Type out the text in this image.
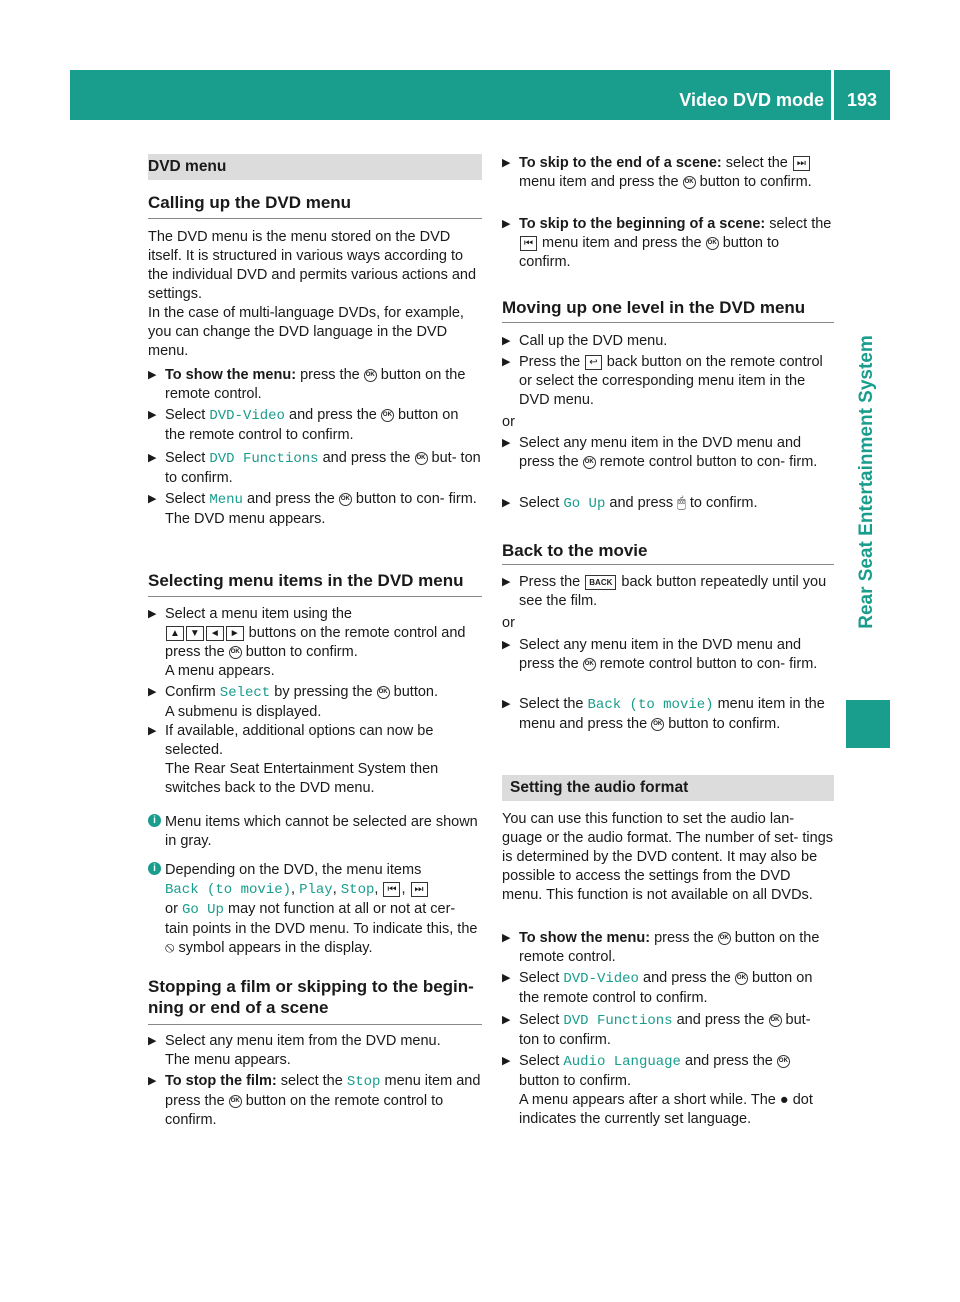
Video DVD mode	193
Rear Seat Entertainment System
DVD menu
Calling up the DVD menu
The DVD menu is the menu stored on the DVD itself. It is structured in various ways according to the individual DVD and permits various actions and settings.
In the case of multi-language DVDs, for example, you can change the DVD language in the DVD menu.
▶ To show the menu: press the OK button on the remote control.
▶ Select DVD-Video and press the OK button on the remote control to confirm.
▶ Select DVD Functions and press the OK but- ton to confirm.
▶ Select Menu and press the OK button to con- firm.
The DVD menu appears.
Selecting menu items in the DVD menu
▶ Select a menu item using the
▲ ▼ ◄ ► buttons on the remote control and press the OK button to confirm.
A menu appears.
▶ Confirm Select by pressing the OK button.
A submenu is displayed.
▶ If available, additional options can now be selected.
The Rear Seat Entertainment System then switches back to the DVD menu.
i Menu items which cannot be selected are shown in gray.
i Depending on the DVD, the menu items
Back (to movie), Play, Stop, ⏮ , ⏭
or Go Up may not function at all or not at cer- tain points in the DVD menu. To indicate this, the ⦸ symbol appears in the display.
Stopping a film or skipping to the begin- ning or end of a scene
▶ Select any menu item from the DVD menu.
The menu appears.
▶ To stop the film: select the Stop menu item and press the OK button on the remote control to confirm.
▶ To skip to the end of a scene: select the ⏭ menu item and press the OK button to confirm.
▶ To skip to the beginning of a scene: select the ⏮ menu item and press the OK button to confirm.
Moving up one level in the DVD menu
▶ Call up the DVD menu.
▶ Press the ↩ back button on the remote control or select the corresponding menu item in the DVD menu.
or
▶ Select any menu item in the DVD menu and press the OK remote control button to con- firm.
▶ Select Go Up and press 🖱 to confirm.
Back to the movie
▶ Press the BACK back button repeatedly until you see the film.
or
▶ Select any menu item in the DVD menu and press the OK remote control button to con- firm.
▶ Select the Back (to movie) menu item in the menu and press the OK button to confirm.
Setting the audio format
You can use this function to set the audio lan- guage or the audio format. The number of set- tings is determined by the DVD content. It may also be possible to access the settings from the DVD menu. This function is not available on all DVDs.
▶ To show the menu: press the OK button on the remote control.
▶ Select DVD-Video and press the OK button on the remote control to confirm.
▶ Select DVD Functions and press the OK but- ton to confirm.
▶ Select Audio Language and press the OK button to confirm.
A menu appears after a short while. The ● dot indicates the currently set language.
